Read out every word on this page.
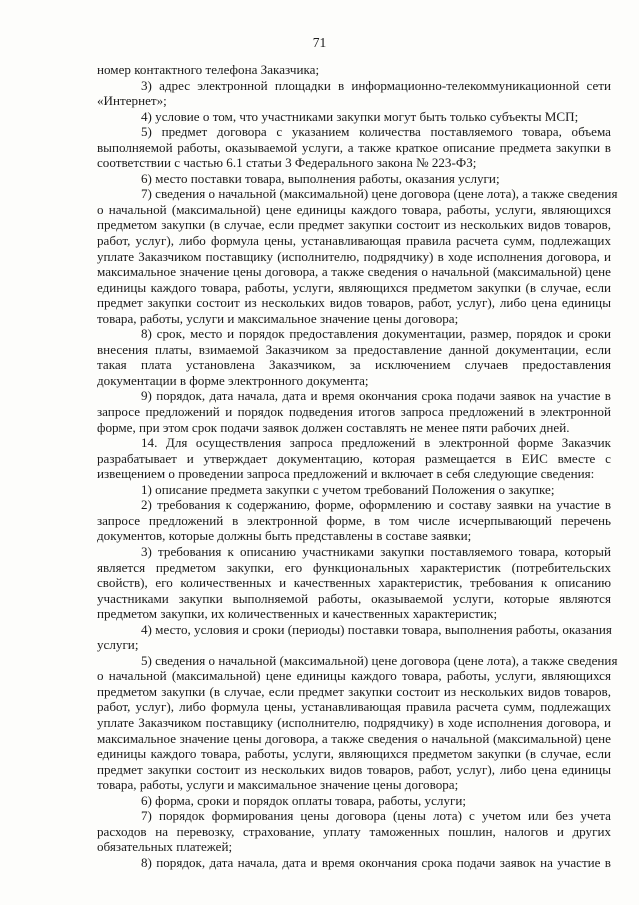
71
номер контактного телефона Заказчика;
3) адрес электронной площадки в информационно-телекоммуникационной сети
«Интернет»;
4) условие о том, что участниками закупки могут быть только субъекты МСП;
5) предмет договора с указанием количества поставляемого товара, объема
выполняемой работы, оказываемой услуги, а также краткое описание предмета закупки в
соответствии с частью 6.1 статьи 3 Федерального закона № 223-ФЗ;
6) место поставки товара, выполнения работы, оказания услуги;
7) сведения о начальной (максимальной) цене договора (цене лота), а также сведения
о начальной (максимальной) цене единицы каждого товара, работы, услуги, являющихся
предметом закупки (в случае, если предмет закупки состоит из нескольких видов товаров,
работ, услуг), либо формула цены, устанавливающая правила расчета сумм, подлежащих
уплате Заказчиком поставщику (исполнителю, подрядчику) в ходе исполнения договора, и
максимальное значение цены договора, а также сведения о начальной (максимальной) цене
единицы каждого товара, работы, услуги, являющихся предметом закупки (в случае, если
предмет закупки состоит из нескольких видов товаров, работ, услуг), либо цена единицы
товара, работы, услуги и максимальное значение цены договора;
8) срок, место и порядок предоставления документации, размер, порядок и сроки
внесения платы, взимаемой Заказчиком за предоставление данной документации, если
такая плата установлена Заказчиком, за исключением случаев предоставления
документации в форме электронного документа;
9) порядок, дата начала, дата и время окончания срока подачи заявок на участие в
запросе предложений и порядок подведения итогов запроса предложений в электронной
форме, при этом срок подачи заявок должен составлять не менее пяти рабочих дней.
14. Для осуществления запроса предложений в электронной форме Заказчик
разрабатывает и утверждает документацию, которая размещается в ЕИС вместе с
извещением о проведении запроса предложений и включает в себя следующие сведения:
1) описание предмета закупки с учетом требований Положения о закупке;
2) требования к содержанию, форме, оформлению и составу заявки на участие в
запросе предложений в электронной форме, в том числе исчерпывающий перечень
документов, которые должны быть представлены в составе заявки;
3) требования к описанию участниками закупки поставляемого товара, который
является предметом закупки, его функциональных характеристик (потребительских
свойств), его количественных и качественных характеристик, требования к описанию
участниками закупки выполняемой работы, оказываемой услуги, которые являются
предметом закупки, их количественных и качественных характеристик;
4) место, условия и сроки (периоды) поставки товара, выполнения работы, оказания
услуги;
5) сведения о начальной (максимальной) цене договора (цене лота), а также сведения
о начальной (максимальной) цене единицы каждого товара, работы, услуги, являющихся
предметом закупки (в случае, если предмет закупки состоит из нескольких видов товаров,
работ, услуг), либо формула цены, устанавливающая правила расчета сумм, подлежащих
уплате Заказчиком поставщику (исполнителю, подрядчику) в ходе исполнения договора, и
максимальное значение цены договора, а также сведения о начальной (максимальной) цене
единицы каждого товара, работы, услуги, являющихся предметом закупки (в случае, если
предмет закупки состоит из нескольких видов товаров, работ, услуг), либо цена единицы
товара, работы, услуги и максимальное значение цены договора;
6) форма, сроки и порядок оплаты товара, работы, услуги;
7) порядок формирования цены договора (цены лота) с учетом или без учета
расходов на перевозку, страхование, уплату таможенных пошлин, налогов и других
обязательных платежей;
8) порядок, дата начала, дата и время окончания срока подачи заявок на участие в
